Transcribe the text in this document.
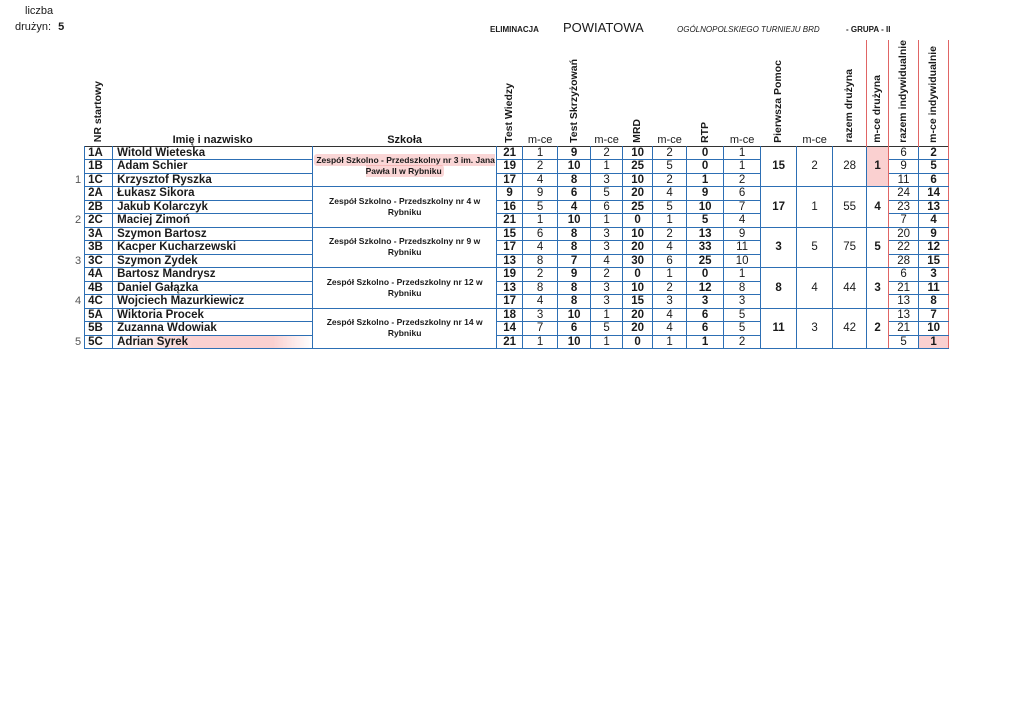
liczba
drużyn: 5	ELIMINACJA POWIATOWA	OGÓLNOPOLSKIEGO TURNIEJU BRD	- GRUPA - II
	NR startowy	Imię i nazwisko	Szkoła	Test Wiedzy	m-ce	Test Skrzyżowań	m-ce	MRD	m-ce	RTP	m-ce	Pierwsza Pomoc	m-ce	razem drużyna	m-ce drużyna	razem indywidualnie	m-ce indywidualnie
	1A	Witold Wieteska	Zespół Szkolno - Przedszkolny nr 3 im. Jana Pawła II w Rybniku	21	1	9	2	10	2	0	1	15	2	28	1	6	2
	1B	Adam Schier		19	2	10	1	25	5	0	1					9	5
1	1C	Krzysztof Ryszka		17	4	8	3	10	2	1	2					11	6
	2A	Łukasz Sikora	Zespół Szkolno - Przedszkolny nr 4 w Rybniku	9	9	6	5	20	4	9	6	17	1	55	4	24	14
	2B	Jakub Kolarczyk		16	5	4	6	25	5	10	7					23	13
2	2C	Maciej Zimoń		21	1	10	1	0	1	5	4					7	4
	3A	Szymon Bartosz	Zespół Szkolno - Przedszkolny nr 9 w Rybniku	15	6	8	3	10	2	13	9	3	5	75	5	20	9
	3B	Kacper Kucharzewski		17	4	8	3	20	4	33	11					22	12
3	3C	Szymon Zydek		13	8	7	4	30	6	25	10					28	15
	4A	Bartosz Mandrysz	Zespół Szkolno - Przedszkolny nr 12 w Rybniku	19	2	9	2	0	1	0	1	8	4	44	3	6	3
	4B	Daniel Gałązka		13	8	8	3	10	2	12	8					21	11
4	4C	Wojciech Mazurkiewicz		17	4	8	3	15	3	3	3					13	8
	5A	Wiktoria Procek	Zespół Szkolno - Przedszkolny nr 14 w Rybniku	18	3	10	1	20	4	6	5	11	3	42	2	13	7
	5B	Zuzanna Wdowiak		14	7	6	5	20	4	6	5					21	10
5	5C	Adrian Syrek		21	1	10	1	0	1	1	2					5	1
